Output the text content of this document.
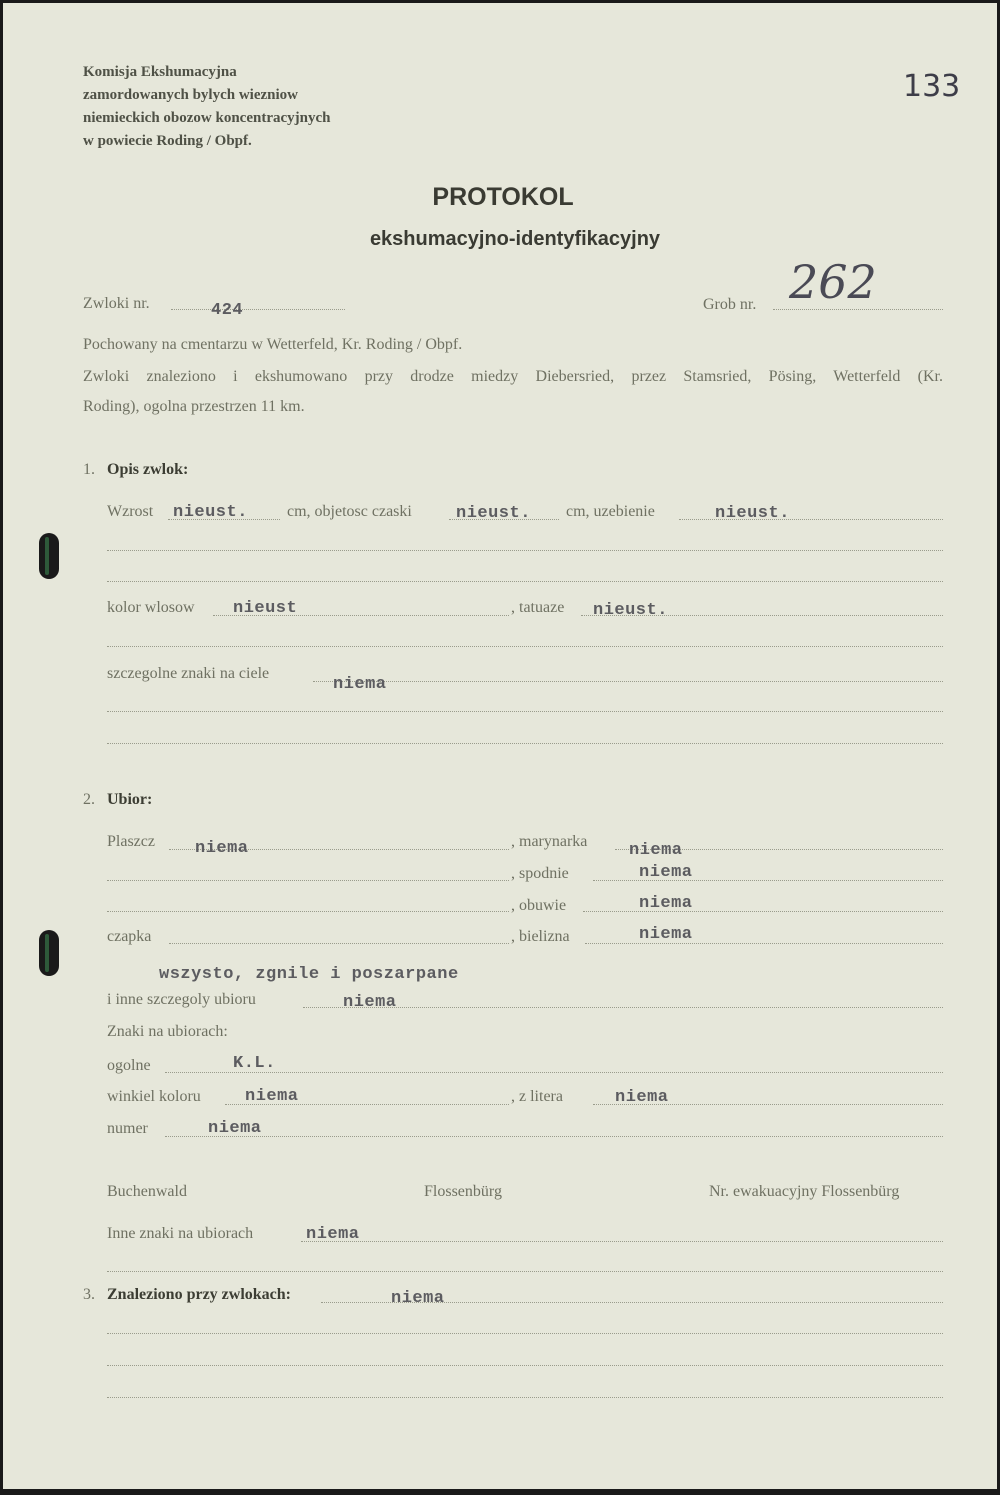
133
Komisja Ekshumacyjna
zamordowanych bylych wiezniow
niemieckich obozow koncentracyjnych
w powiecie Roding / Obpf.
PROTOKOL
ekshumacyjno-identyfikacyjny
Zwloki nr.	424	Grob nr. 262
Pochowany na cmentarzu w Wetterfeld, Kr. Roding / Obpf.
Zwloki znaleziono i ekshumowano przy drodze miedzy Diebersried, przez Stamsried, Pösing, Wetterfeld (Kr.
Roding), ogolna przestrzen 11 km.
1. Opis zwlok:
Wzrost nieust. cm, objetosc czaski	nieust. cm, uzebienie	nieust.
kolor wlosow nieust	, tatuaze nieust.
szczegolne znaki na ciele
niema
2. Ubior:
Plaszcz niema	, marynarka niema
, spodnie	niema
, obuwie	niema
czapka	, bielizna	niema
wszysto, zgnile i poszarpane
i inne szczegoly ubioru	niema
Znaki na ubiorach:
ogolne	K.L.
winkiel koloru	niema	, z litera	niema
numer	niema
Buchenwald	Flossenbürg	Nr. ewakuacyjny Flossenbürg
Inne znaki na ubiorach	niema
3. Znaleziono przy zwlokach:	niema
